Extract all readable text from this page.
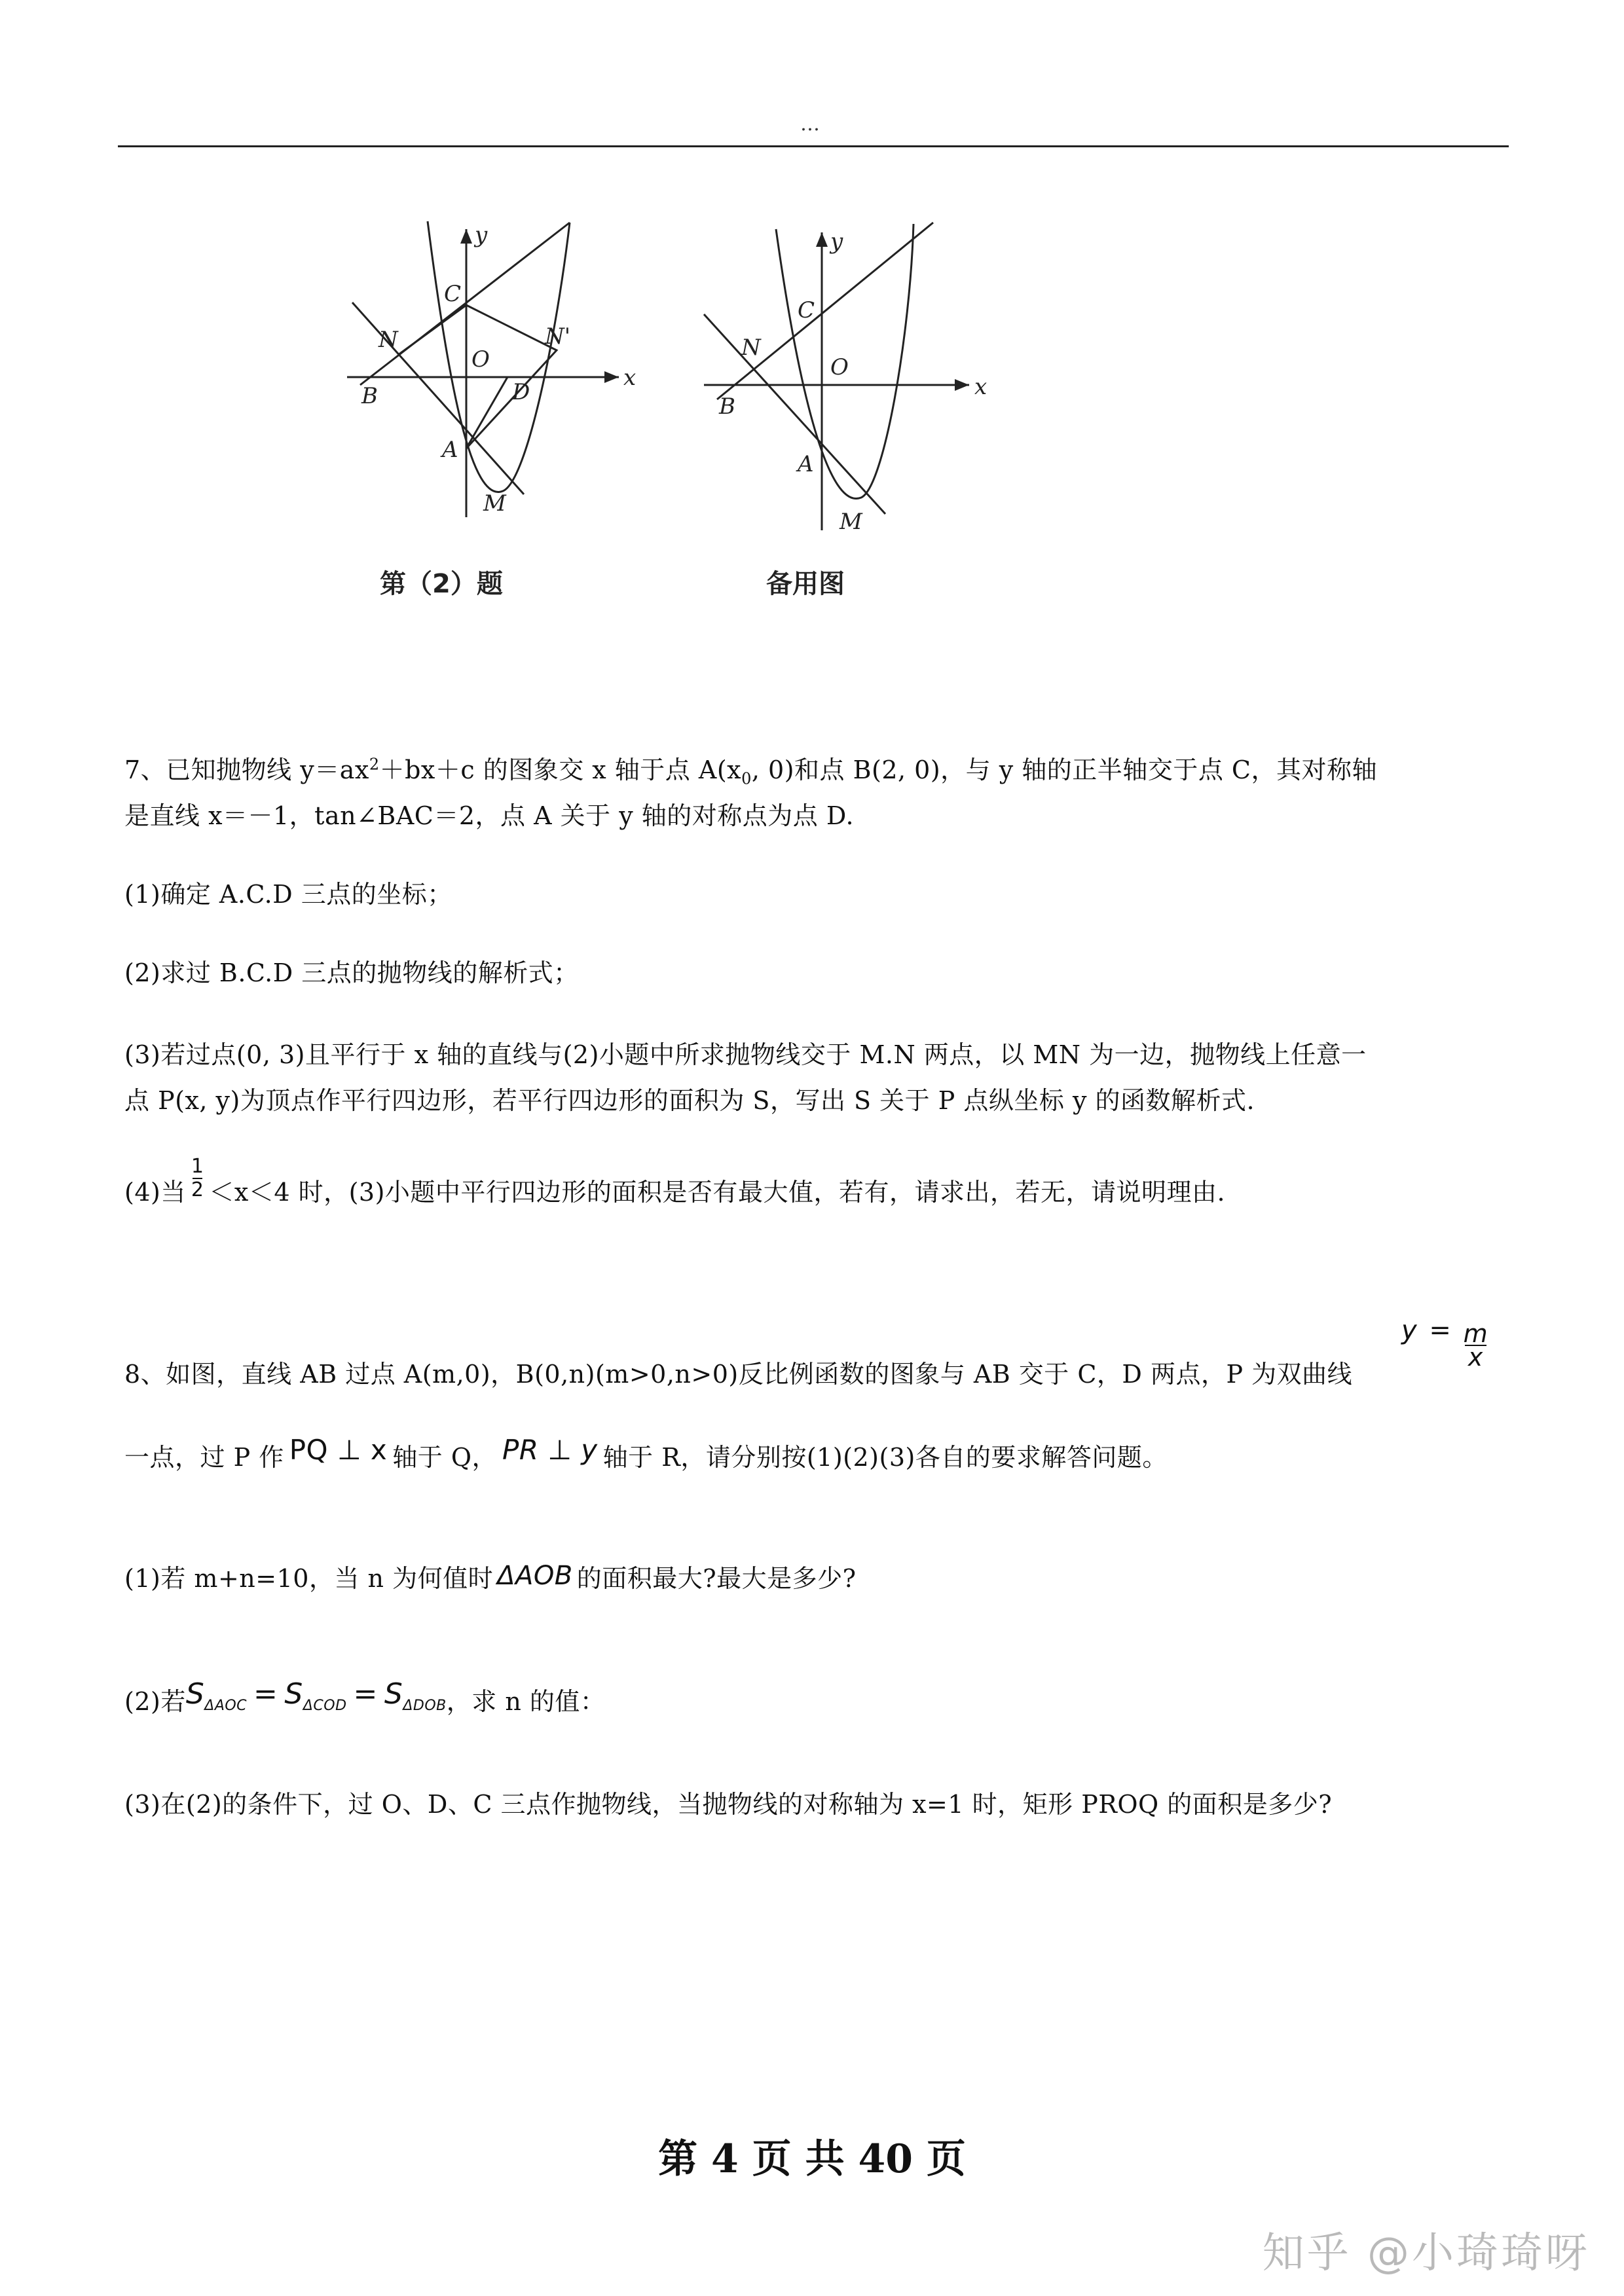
…
y
x
C
N	N'
O
B	D
A
M
第（2）题
y
x
C
N
O
B
A
M
备用图
7、已知抛物线 $y=ax^2+bx+c$ 的图象交 x 轴于点 $A(x_0$, 0)和点 B(2, 0)，与 y 轴的正半轴交于点 C，其对称轴
是直线 x＝－1，tan∠BAC＝2，点 A 关于 y 轴的对称点为点 D.
(1)确定 A.C.D 三点的坐标；
(2)求过 B.C.D 三点的抛物线的解析式；
(3)若过点(0, 3)且平行于 x 轴的直线与(2)小题中所求抛物线交于 M.N 两点，以 MN 为一边，抛物线上任意一
点 P(x, y)为顶点作平行四边形，若平行四边形的面积为 S，写出 S 关于 P 点纵坐标 y 的函数解析式.
(4)当 $\frac{1}{2} <x<4$ 时，(3)小题中平行四边形的面积是否有最大值，若有，请求出，若无，请说明理由.
8、如图，直线 AB 过点 A(m,0)，B(0,n)(m>0,n>0)反比例函数的图象与 AB 交于 C，D 两点，P 为双曲线
$y = \frac{m}{x}$
一点，过 P 作 PQ ⊥ x 轴于 Q， PR ⊥ y 轴于 R，请分别按(1)(2)(3)各自的要求解答问题。
(1)若 m+n=10，当 n 为何值时 ΔAOB 的面积最大?最大是多少?
(2)若$S_{\Delta AOC} = S_{\Delta COD} = S_{\Delta DOB}$，求 n 的值：
(3)在(2)的条件下，过 O、D、C 三点作抛物线，当抛物线的对称轴为 x=1 时，矩形 PROQ 的面积是多少?
第 4 页 共 40 页
知乎 @小琦琦呀
